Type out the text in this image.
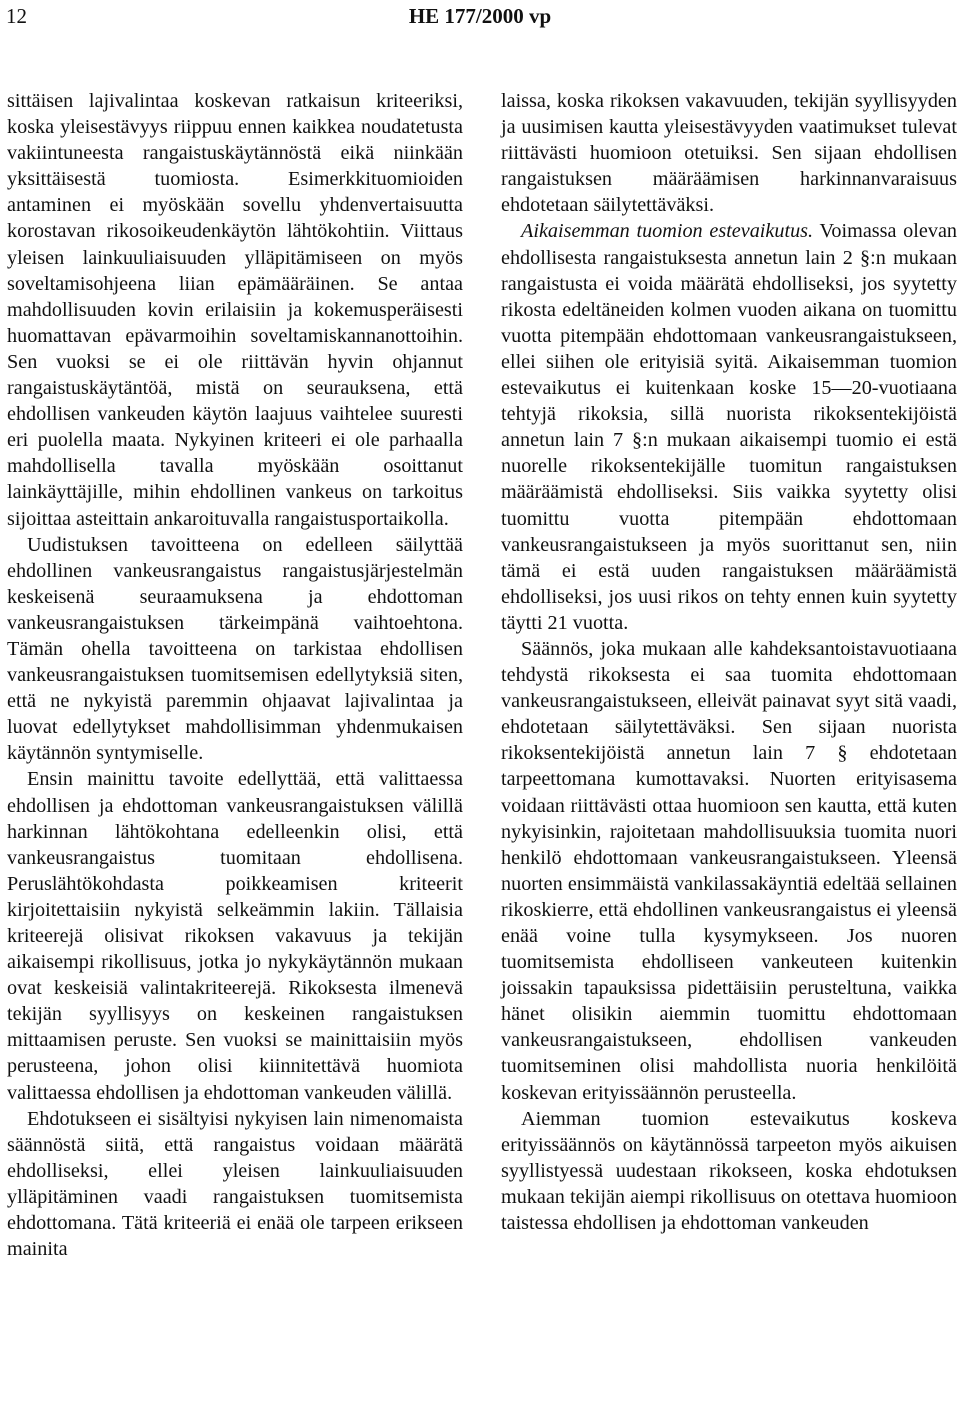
12	HE 177/2000 vp

sittäisen lajivalintaa koskevan ratkaisun kriteeriksi, koska yleisestävyys riippuu ennen kaikkea noudatetusta vakiintuneesta rangaistuskäytännöstä eikä niinkään yksittäisestä tuomiosta. Esimerkkituomioiden antaminen ei myöskään sovellu yhdenvertaisuutta korostavan rikosoikeudenkäytön lähtökohtiin. Viittaus yleisen lainkuuliaisuuden ylläpitämiseen on myös soveltamisohjeena liian epämääräinen. Se antaa mahdollisuuden kovin erilaisiin ja kokemusperäisesti huomattavan epävarmoihin soveltamiskannanottoihin. Sen vuoksi se ei ole riittävän hyvin ohjannut rangaistuskäytäntöä, mistä on seurauksena, että ehdollisen vankeuden käytön laajuus vaihtelee suuresti eri puolella maata. Nykyinen kriteeri ei ole parhaalla mahdollisella tavalla myöskään osoittanut lainkäyttäjille, mihin ehdollinen vankeus on tarkoitus sijoittaa asteittain ankaroituvalla rangaistusportaikolla.

Uudistuksen tavoitteena on edelleen säilyttää ehdollinen vankeusrangaistus rangaistusjärjestelmän keskeisenä seuraamuksena ja ehdottoman vankeusrangaistuksen tärkeimpänä vaihtoehtona. Tämän ohella tavoitteena on tarkistaa ehdollisen vankeusrangaistuksen tuomitsemisen edellytyksiä siten, että ne nykyistä paremmin ohjaavat lajivalintaa ja luovat edellytykset mahdollisimman yhdenmukaisen käytännön syntymiselle.

Ensin mainittu tavoite edellyttää, että valittaessa ehdollisen ja ehdottoman vankeusrangaistuksen välillä harkinnan lähtökohtana edelleenkin olisi, että vankeusrangaistus tuomitaan ehdollisena. Peruslähtökohdasta poikkeamisen kriteerit kirjoitettaisiin nykyistä selkeämmin lakiin. Tällaisia kriteerejä olisivat rikoksen vakavuus ja tekijän aikaisempi rikollisuus, jotka jo nykykäytännön mukaan ovat keskeisiä valintakriteerejä. Rikoksesta ilmenevä tekijän syyllisyys on keskeinen rangaistuksen mittaamisen peruste. Sen vuoksi se mainittaisiin myös perusteena, johon olisi kiinnitettävä huomiota valittaessa ehdollisen ja ehdottoman vankeuden välillä.

Ehdotukseen ei sisältyisi nykyisen lain nimenomaista säännöstä siitä, että rangaistus voidaan määrätä ehdolliseksi, ellei yleisen lainkuuliaisuuden ylläpitäminen vaadi rangaistuksen tuomitsemista ehdottomana. Tätä kriteeriä ei enää ole tarpeen erikseen mainita

laissa, koska rikoksen vakavuuden, tekijän syyllisyyden ja uusimisen kautta yleisestävyyden vaatimukset tulevat riittävästi huomioon otetuiksi. Sen sijaan ehdollisen rangaistuksen määräämisen harkinnanvaraisuus ehdotetaan säilytettäväksi.

Aikaisemman tuomion estevaikutus. Voimassa olevan ehdollisesta rangaistuksesta annetun lain 2 §:n mukaan rangaistusta ei voida määrätä ehdolliseksi, jos syytetty rikosta edeltäneiden kolmen vuoden aikana on tuomittu vuotta pitempään ehdottomaan vankeusrangaistukseen, ellei siihen ole erityisiä syitä. Aikaisemman tuomion estevaikutus ei kuitenkaan koske 15—20-vuotiaana tehtyjä rikoksia, sillä nuorista rikoksentekijöistä annetun lain 7 §:n mukaan aikaisempi tuomio ei estä nuorelle rikoksentekijälle tuomitun rangaistuksen määräämistä ehdolliseksi. Siis vaikka syytetty olisi tuomittu vuotta pitempään ehdottomaan vankeusrangaistukseen ja myös suorittanut sen, niin tämä ei estä uuden rangaistuksen määräämistä ehdolliseksi, jos uusi rikos on tehty ennen kuin syytetty täytti 21 vuotta.

Säännös, joka mukaan alle kahdeksantoistavuotiaana tehdystä rikoksesta ei saa tuomita ehdottomaan vankeusrangaistukseen, elleivät painavat syyt sitä vaadi, ehdotetaan säilytettäväksi. Sen sijaan nuorista rikoksentekijöistä annetun lain 7 § ehdotetaan tarpeettomana kumottavaksi. Nuorten erityisasema voidaan riittävästi ottaa huomioon sen kautta, että kuten nykyisinkin, rajoitetaan mahdollisuuksia tuomita nuori henkilö ehdottomaan vankeusrangaistukseen. Yleensä nuorten ensimmäistä vankilassakäyntiä edeltää sellainen rikoskierre, että ehdollinen vankeusrangaistus ei yleensä enää voine tulla kysymykseen. Jos nuoren tuomitsemista ehdolliseen vankeuteen kuitenkin joissakin tapauksissa pidettäisiin perusteltuna, vaikka hänet olisikin aiemmin tuomittu ehdottomaan vankeusrangaistukseen, ehdollisen vankeuden tuomitseminen olisi mahdollista nuoria henkilöitä koskevan erityissäännön perusteella.

Aiemman tuomion estevaikutus koskeva erityissäännös on käytännössä tarpeeton myös aikuisen syyllistyessä uudestaan rikokseen, koska ehdotuksen mukaan tekijän aiempi rikollisuus on otettava huomioon taistessa ehdollisen ja ehdottoman vankeuden
